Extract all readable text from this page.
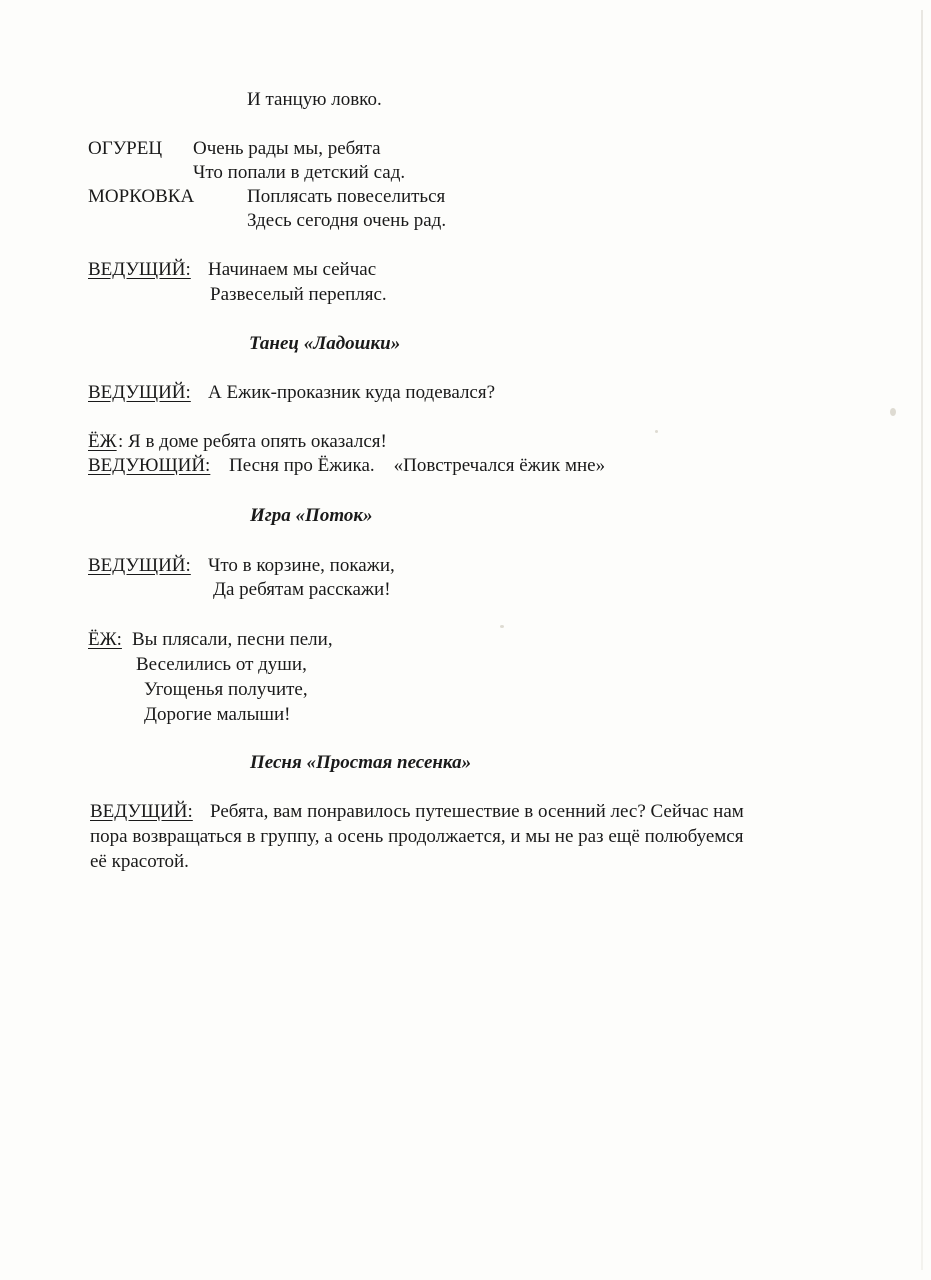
И танцую ловко.
ОГУРЕЦ Очень рады мы, ребята
Что попали в детский сад.
МОРКОВКА	Поплясать повеселиться
Здесь сегодня очень рад.
ВЕДУЩИЙ: Начинаем мы сейчас
Развеселый перепляс.
Танец «Ладошки»
ВЕДУЩИЙ: А Ежик-проказник куда подевался?
ЁЖ : Я в доме ребята опять оказался!
ВЕДУЮЩИЙ: Песня про Ёжика.    «Повстречался ёжик мне»
Игра «Поток»
ВЕДУЩИЙ: Что в корзине, покажи,
Да ребятам расскажи!
ЁЖ: Вы плясали, песни пели,
Веселились от души,
Угощенья получите,
Дорогие малыши!
Песня «Простая песенка»
ВЕДУЩИЙ: Ребята, вам понравилось путешествие в осенний лес? Сейчас нам
пора возвращаться в группу, а осень продолжается, и мы не раз ещё полюбуемся
её красотой.
